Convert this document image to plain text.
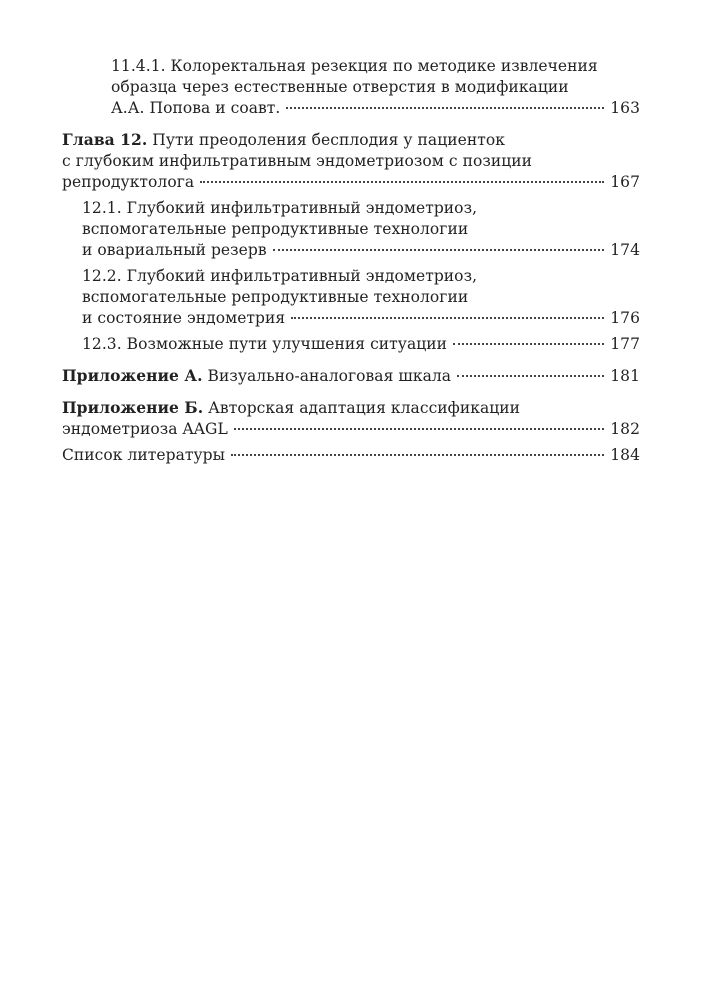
11.4.1. Колоректальная резекция по методике извлечения
образца через естественные отверстия в модификации
А.А. Попова и соавт.	163
Глава 12. Пути преодоления бесплодия у пациенток
с глубоким инфильтративным эндометриозом с позиции
репродуктолога	167
12.1. Глубокий инфильтративный эндометриоз,
вспомогательные репродуктивные технологии
и овариальный резерв	174
12.2. Глубокий инфильтративный эндометриоз,
вспомогательные репродуктивные технологии
и состояние эндометрия	176
12.3. Возможные пути улучшения ситуации	177
Приложение А. Визуально-аналоговая шкала	181
Приложение Б. Авторская адаптация классификации
эндометриоза AAGL	182
Список литературы	184
